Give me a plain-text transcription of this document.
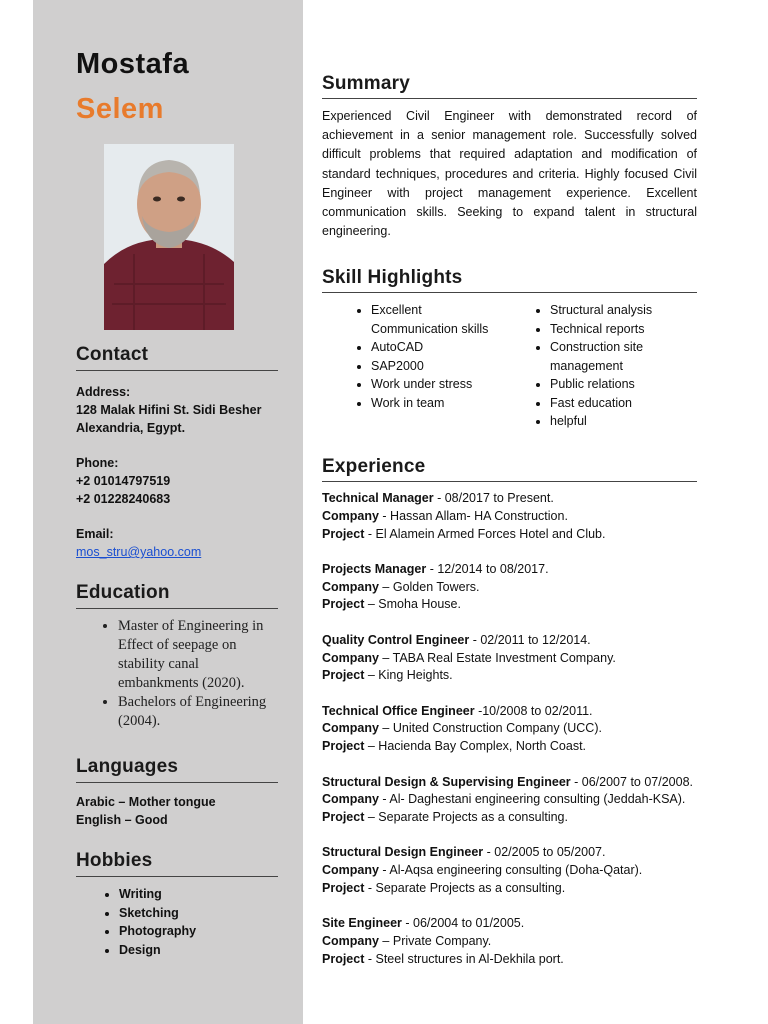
Mostafa
Selem
Contact
Address:
128 Malak Hifini St. Sidi Besher
Alexandria, Egypt.
Phone:
+2 01014797519
+2 01228240683
Email:
mos_stru@yahoo.com
Education
• Master of Engineering in Effect of seepage on stability canal embankments (2020).
• Bachelors of Engineering (2004).
Languages
Arabic – Mother tongue
English – Good
Hobbies
• Writing
• Sketching
• Photography
• Design
Summary

Experienced Civil Engineer with demonstrated record of achievement in a senior management role. Successfully solved difficult problems that required adaptation and modification of standard techniques, procedures and criteria. Highly focused Civil Engineer with project management experience. Excellent communication skills. Seeking to expand talent in structural engineering.

Skill Highlights
• Excellent Communication skills
• AutoCAD
• SAP2000
• Work under stress
• Work in team
• Structural analysis
• Technical reports
• Construction site management
• Public relations
• Fast education
• helpful
Experience
Technical Manager - 08/2017 to Present.
Company - Hassan Allam- HA Construction.
Project - El Alamein Armed Forces Hotel and Club.
Projects Manager - 12/2014 to 08/2017.
Company – Golden Towers.
Project – Smoha House.
Quality Control Engineer - 02/2011 to 12/2014.
Company – TABA Real Estate Investment Company.
Project – King Heights.
Technical Office Engineer -10/2008 to 02/2011.
Company – United Construction Company (UCC).
Project – Hacienda Bay Complex, North Coast.
Structural Design & Supervising Engineer - 06/2007 to 07/2008.
Company - Al- Daghestani engineering consulting (Jeddah-KSA).
Project – Separate Projects as a consulting.
Structural Design Engineer - 02/2005 to 05/2007.
Company - Al-Aqsa engineering consulting (Doha-Qatar).
Project - Separate Projects as a consulting.
Site Engineer - 06/2004 to 01/2005.
Company – Private Company.
Project - Steel structures in Al-Dekhila port.
